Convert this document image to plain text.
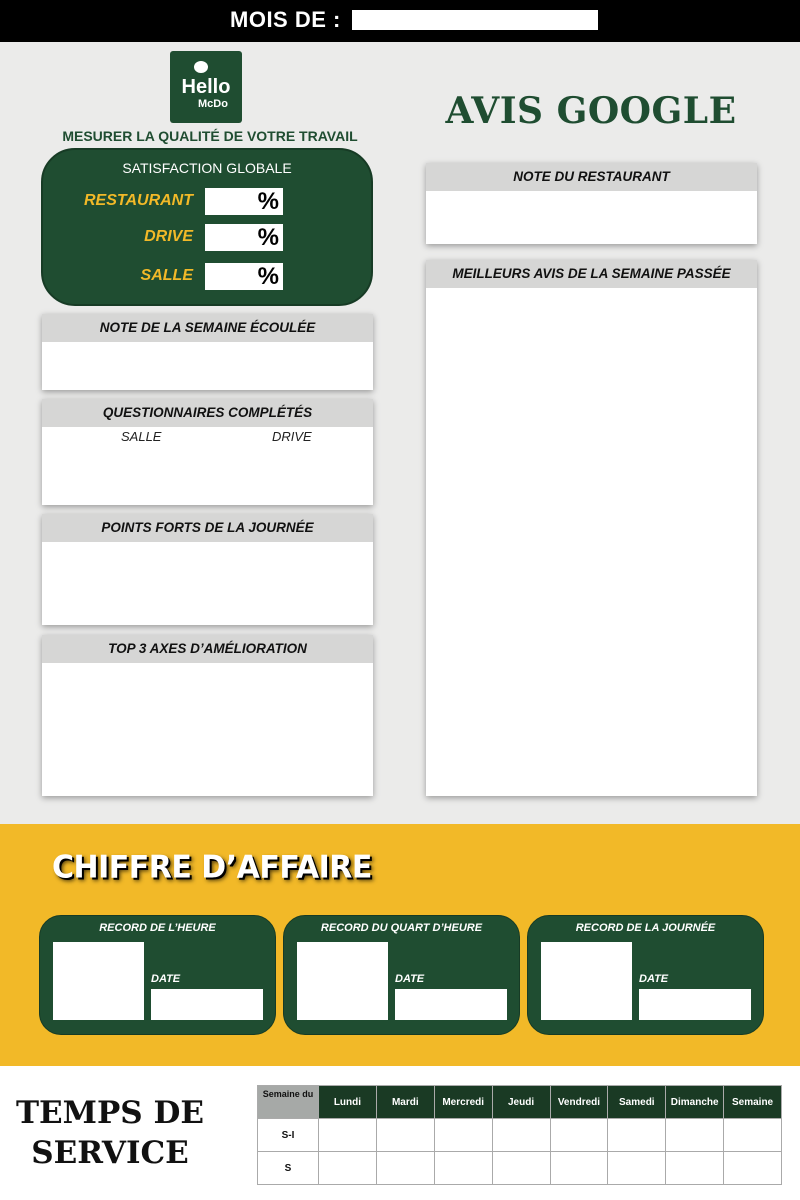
MOIS DE :
Hello
McDo
MESURER LA QUALITÉ DE VOTRE TRAVAIL
SATISFACTION GLOBALE
RESTAURANT	%
DRIVE	%
SALLE	%
NOTE DE LA SEMAINE ÉCOULÉE
QUESTIONNAIRES COMPLÉTÉS
SALLE	DRIVE
POINTS FORTS DE LA JOURNÉE
TOP 3 AXES D’AMÉLIORATION
AVIS GOOGLE
NOTE DU RESTAURANT
MEILLEURS AVIS DE LA SEMAINE PASSÉE
CHIFFRE D’AFFAIRE
RECORD DE L’HEURE
DATE
RECORD DU QUART D’HEURE
DATE
RECORD DE LA JOURNÉE
DATE
TEMPS DE
SERVICE
Semaine du	Lundi	Mardi	Mercredi	Jeudi	Vendredi	Samedi	Dimanche	Semaine
S-I								
S								
